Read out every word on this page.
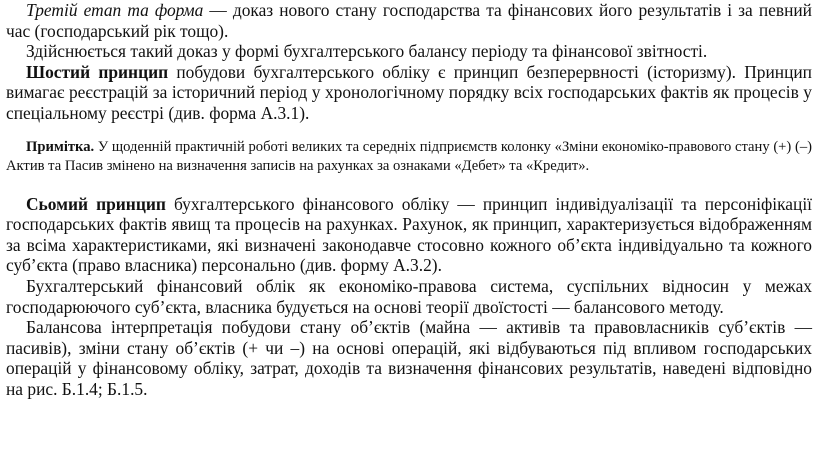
Третій етап та форма — доказ нового стану господарства та фінансових його результатів і за певний час (господарський рік тощо).

Здійснюється такий доказ у формі бухгалтерського балансу періоду та фінансової звітності.

Шостий принцип побудови бухгалтерського обліку є принцип безперервності (історизму). Принцип вимагає реєстрацій за історичний період у хронологічному порядку всіх господарських фактів як процесів у спеціальному реєстрі (див. форма А.3.1).

Примітка. У щоденній практичній роботі великих та середніх підприємств колонку «Зміни економіко-правового стану (+) (–) Актив та Пасив змінено на визначення записів на рахунках за ознаками «Дебет» та «Кредит».

Сьомий принцип бухгалтерського фінансового обліку — принцип індивідуалізації та персоніфікації господарських фактів явищ та процесів на рахунках. Рахунок, як принцип, характеризується відображенням за всіма характеристиками, які визначені законодавче стосовно кожного об’єкта індивідуально та кожного суб’єкта (право власника) персонально (див. форму А.3.2).

Бухгалтерський фінансовий облік як економіко-правова система, суспільних відносин у межах господарюючого суб’єкта, власника будується на основі теорії двоїстості — балансового методу.

Балансова інтерпретація побудови стану об’єктів (майна — активів та правовласників суб’єктів — пасивів), зміни стану об’єктів (+ чи –) на основі операцій, які відбуваються під впливом господарських операцій у фінансовому обліку, затрат, доходів та визначення фінансових результатів, наведені відповідно на рис. Б.1.4; Б.1.5.
